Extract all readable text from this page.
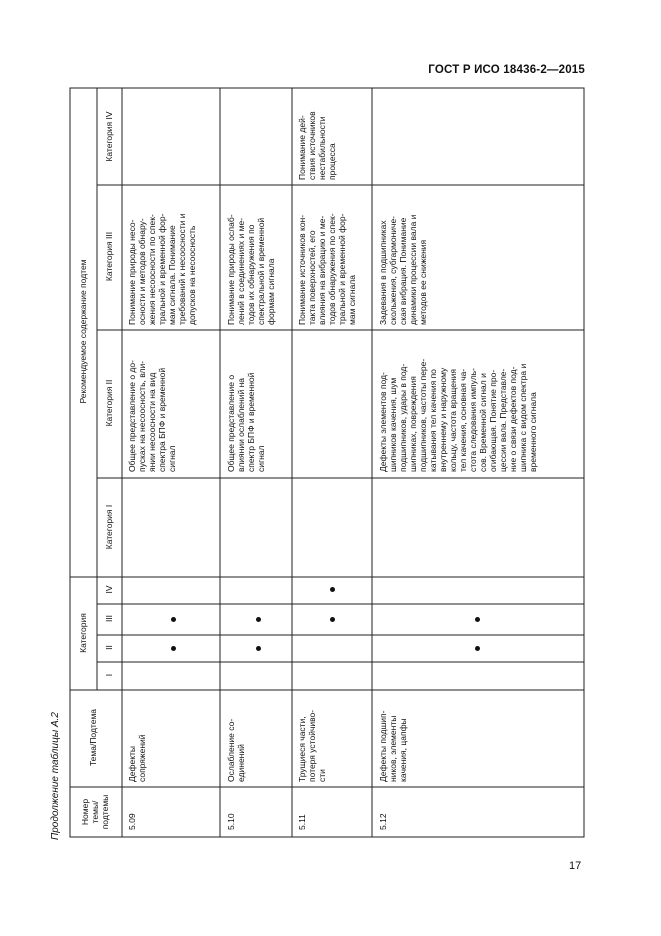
ГОСТ Р ИСО 18436-2—2015
Продолжение таблицы А.2
17
Номер
темы/
подтемы
Тема/Подтема
Категория
I
II
III
IV
Рекомендуемое содержание подтем
Категория I
Категория II
Категория III
Категория IV
5.09
Дефекты
сопряжений
Общее представление о до-
пусках на несоосность, вли-
янии несоосности на вид
спектра БПФ и временной
сигнал
Понимание природы несо-
осности и методов обнару-
жения несоосности по спек-
тральной и временной фор-
мам сигнала. Понимание
требований к несоосности и
допусков на несоосность
5.10
Ослабление со-
единений
Общее представление о
влиянии ослаблений на
спектр БПФ и временной
сигнал
Понимание природы ослаб-
лений в соединениях и ме-
тодов их обнаружения по
спектральной и временной
формам сигнала
5.11
Трущиеся части,
потеря устойчиво-
сти
Понимание источников кон-
такта поверхностей, его
влияния на вибрацию и ме-
тодов обнаружения по спек-
тральной и временной фор-
мам сигнала
Понимание дей-
ствия источников
нестабильности
процесса
5.12
Дефекты подшип-
ников, элементы
качения, цапфы
Дефекты элементов под-
шипников качения, шум
подшипников, удары в под-
шипниках, повреждения
подшипников, частоты пере-
катывания тел качения по
внутреннему и наружному
кольцу, частота вращения
тел качения, основная ча-
стота следования импуль-
сов. Временной сигнал и
огибающая. Понятие про-
цессии вала. Представле-
ние о связи дефектов под-
шипника с видом спектра и
временного сигнала
Задевания в подшипниках
скольжения, субгармониче-
ская вибрация. Понимание
динамики процессии вала и
методов ее снижения
